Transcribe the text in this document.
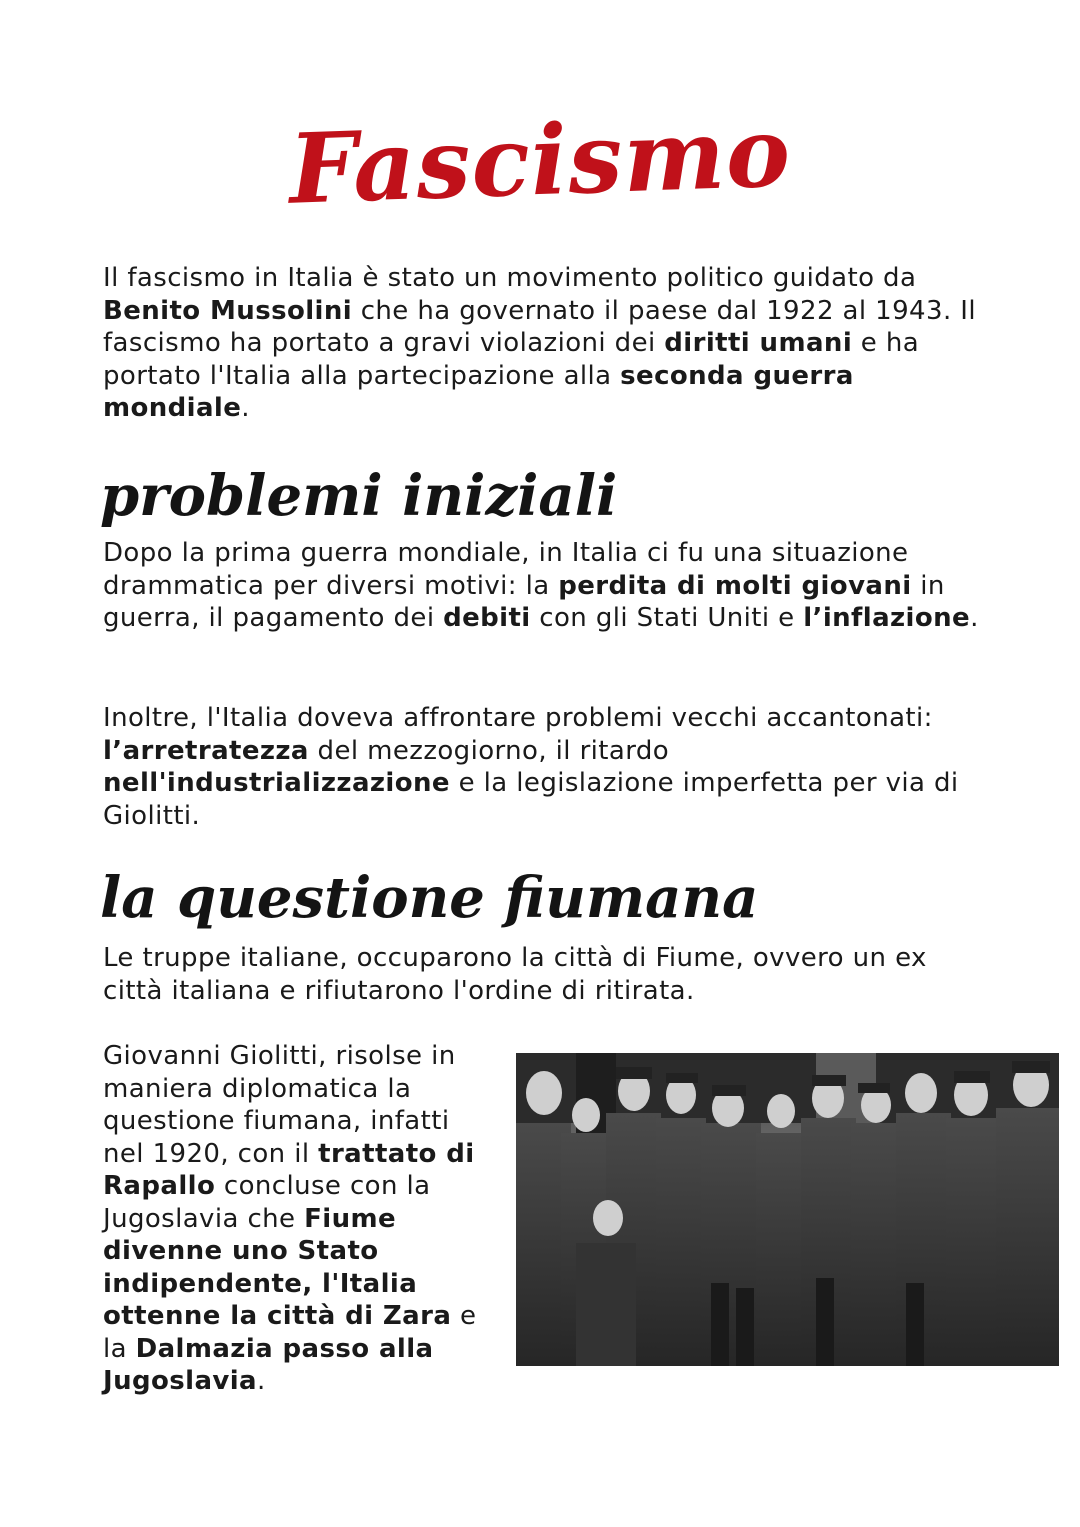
Fascismo

Il fascismo in Italia è stato un movimento politico guidato da Benito Mussolini che ha governato il paese dal 1922 al 1943. Il fascismo ha portato a gravi violazioni dei diritti umani e ha portato l'Italia alla partecipazione alla seconda guerra mondiale.

problemi iniziali

Dopo la prima guerra mondiale, in Italia ci fu una situazione drammatica per diversi motivi: la perdita di molti giovani in guerra, il pagamento dei debiti con gli Stati Uniti e l’inflazione.

Inoltre, l'Italia doveva affrontare problemi vecchi accantonati: l’arretratezza del mezzogiorno, il ritardo nell'industrializzazione e la legislazione imperfetta per via di Giolitti.

la questione fiumana

Le truppe italiane, occuparono la città di Fiume, ovvero un ex città italiana e rifiutarono l'ordine di ritirata.

Giovanni Giolitti, risolse in maniera diplomatica la questione fiumana, infatti nel 1920, con il trattato di Rapallo concluse con la Jugoslavia che Fiume divenne uno Stato indipendente, l'Italia ottenne la città di Zara e la Dalmazia passo alla Jugoslavia.
